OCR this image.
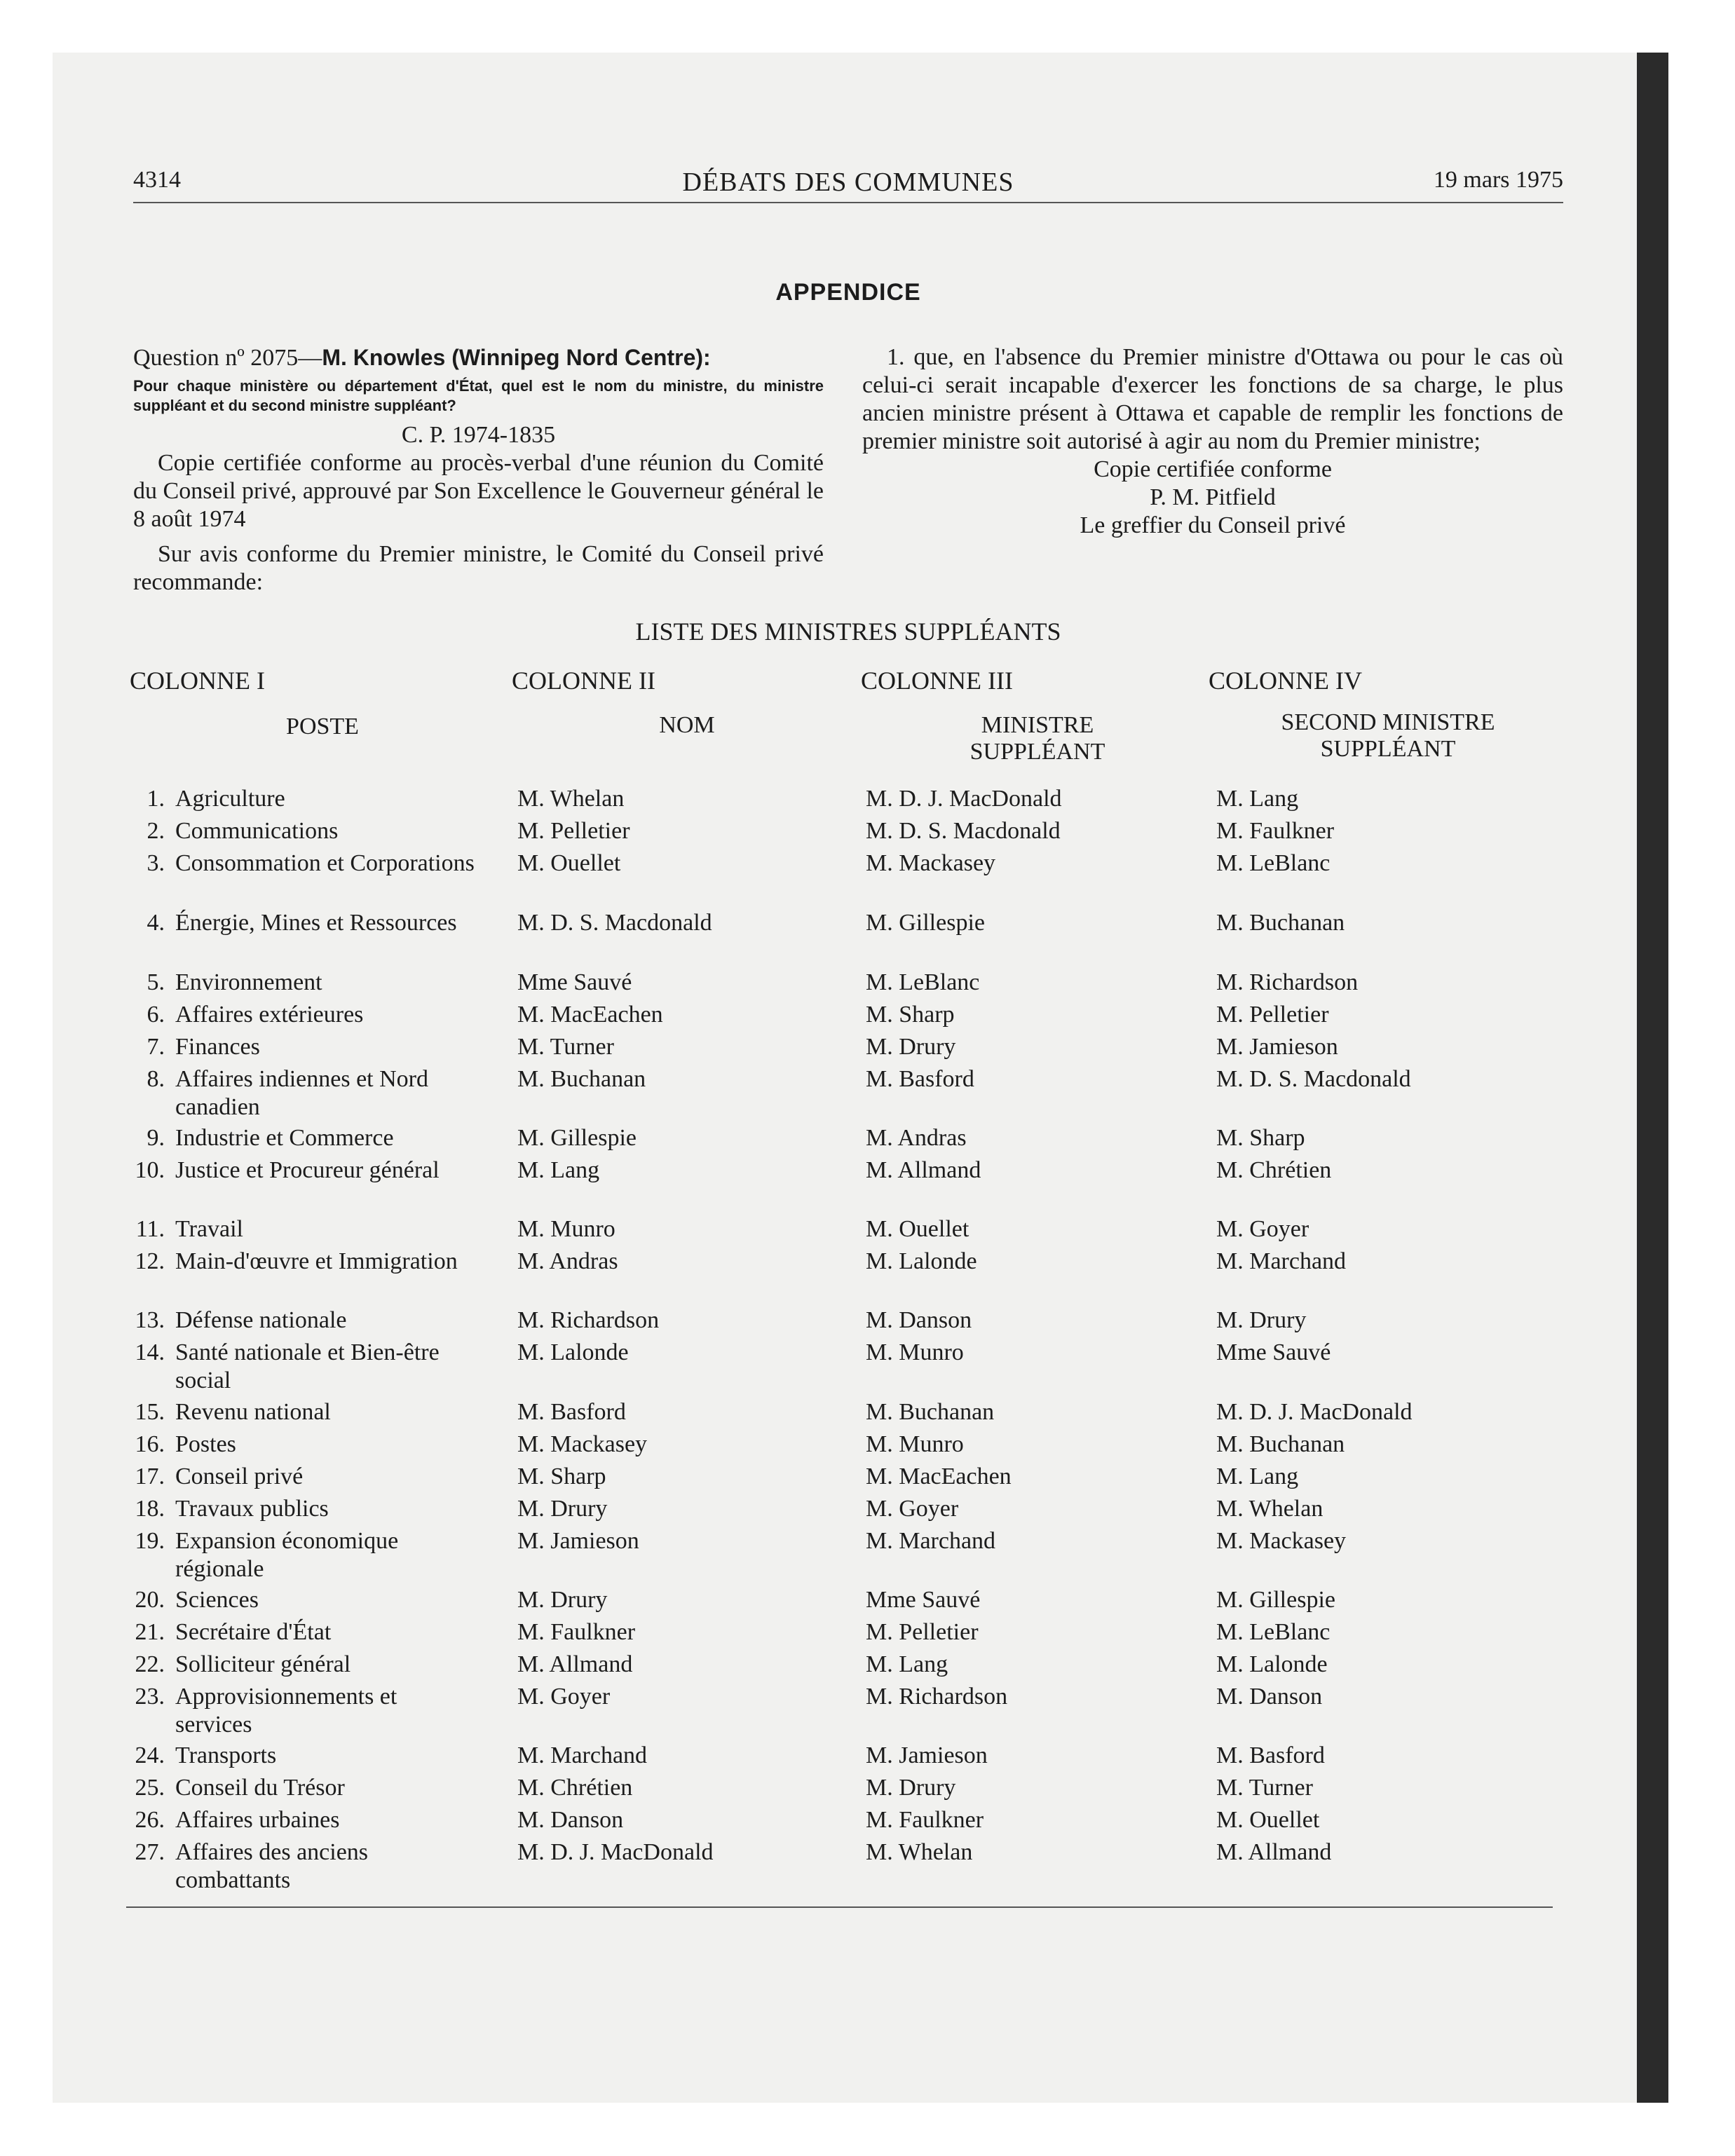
4314	DÉBATS DES COMMUNES	19 mars 1975
APPENDICE

Question nº 2075—M. Knowles (Winnipeg Nord Centre):

Pour chaque ministère ou département d'État, quel est le nom du ministre, du ministre suppléant et du second ministre suppléant?

C. P. 1974-1835

Copie certifiée conforme au procès-verbal d'une réunion du Comité du Conseil privé, approuvé par Son Excellence le Gouverneur général le 8 août 1974

Sur avis conforme du Premier ministre, le Comité du Conseil privé recommande:

1. que, en l'absence du Premier ministre d'Ottawa ou pour le cas où celui-ci serait incapable d'exercer les fonctions de sa charge, le plus ancien ministre présent à Ottawa et capable de remplir les fonctions de premier ministre soit autorisé à agir au nom du Premier ministre;

Copie certifiée conforme

P. M. Pitfield

Le greffier du Conseil privé

LISTE DES MINISTRES SUPPLÉANTS
COLONNE I	COLONNE II	COLONNE III	COLONNE IV
POSTE	NOM	MINISTRE
SUPPLÉANT
SECOND MINISTRE
SUPPLÉANT
1. Agriculture	M. Whelan	M. D. J. MacDonald	M. Lang
2. Communications	M. Pelletier	M. D. S. Macdonald	M. Faulkner
3. Consommation et Corporations M. Ouellet	M. Mackasey	M. LeBlanc
4. Énergie, Mines et Ressources	M. D. S. Macdonald	M. Gillespie	M. Buchanan
5. Environnement	Mme Sauvé	M. LeBlanc	M. Richardson
6. Affaires extérieures	M. MacEachen	M. Sharp	M. Pelletier
7. Finances	M. Turner	M. Drury	M. Jamieson
8. Affaires indiennes et Nord canadien
M. Buchanan	M. Basford	M. D. S. Macdonald
9. Industrie et Commerce	M. Gillespie	M. Andras	M. Sharp
10. Justice et Procureur général	M. Lang	M. Allmand	M. Chrétien
11. Travail	M. Munro	M. Ouellet	M. Goyer
12. Main-d'œuvre et Immigration	M. Andras	M. Lalonde	M. Marchand
13. Défense nationale	M. Richardson	M. Danson	M. Drury
14. Santé nationale et Bien-être social
M. Lalonde	M. Munro	Mme Sauvé
15. Revenu national	M. Basford	M. Buchanan	M. D. J. MacDonald
16. Postes	M. Mackasey	M. Munro	M. Buchanan
17. Conseil privé	M. Sharp	M. MacEachen	M. Lang
18. Travaux publics	M. Drury	M. Goyer	M. Whelan
19. Expansion économique régionale
M. Jamieson	M. Marchand	M. Mackasey
20. Sciences	M. Drury	Mme Sauvé	M. Gillespie
21. Secrétaire d'État	M. Faulkner	M. Pelletier	M. LeBlanc
22. Solliciteur général	M. Allmand	M. Lang	M. Lalonde
23. Approvisionnements et services
M. Goyer	M. Richardson	M. Danson
24. Transports	M. Marchand	M. Jamieson	M. Basford
25. Conseil du Trésor	M. Chrétien	M. Drury	M. Turner
26. Affaires urbaines	M. Danson	M. Faulkner	M. Ouellet
27. Affaires des anciens combattants
M. D. J. MacDonald	M. Whelan	M. Allmand
